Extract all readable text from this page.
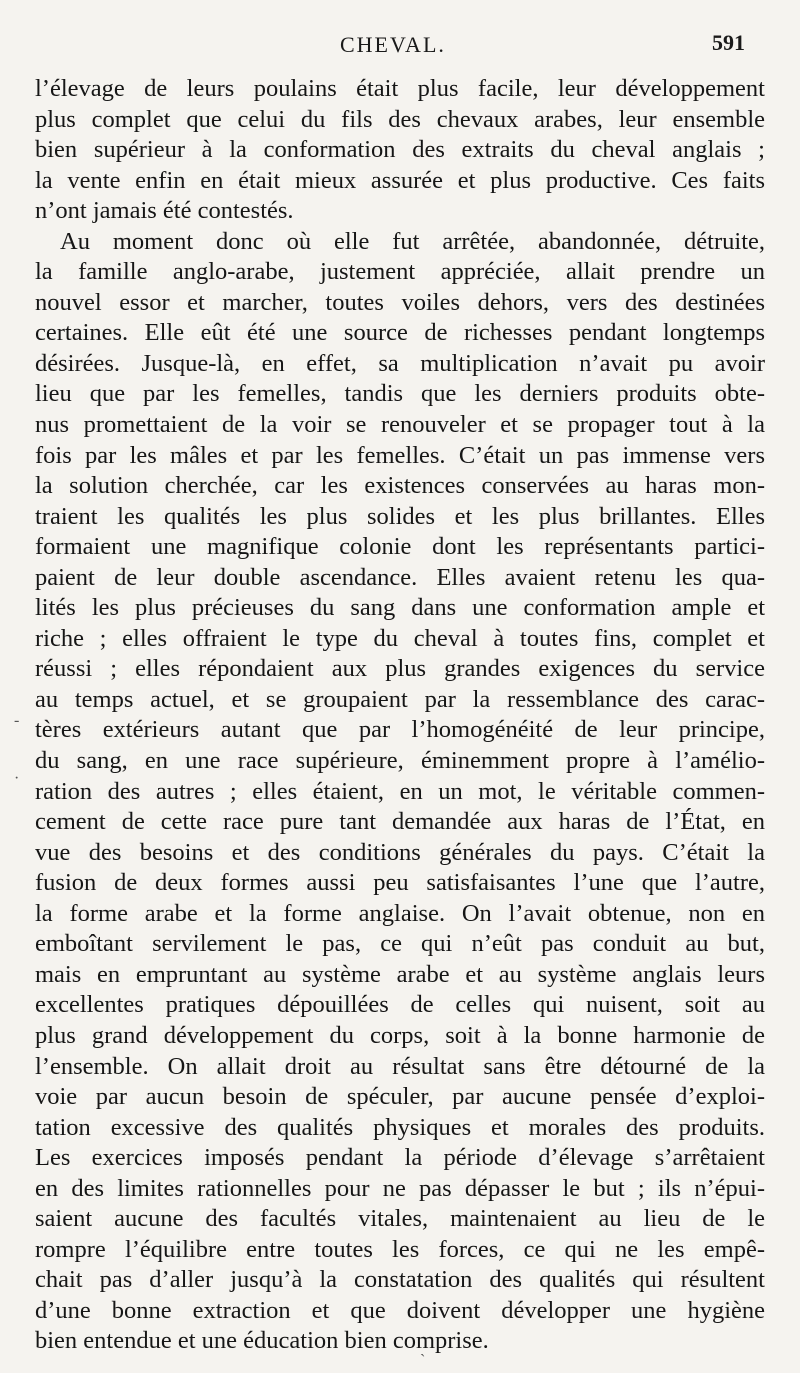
CHEVAL.	591
l’élevage de leurs poulains était plus facile, leur développement
plus complet que celui du fils des chevaux arabes, leur ensemble
bien supérieur à la conformation des extraits du cheval anglais ;
la vente enfin en était mieux assurée et plus productive. Ces faits
n’ont jamais été contestés.
Au moment donc où elle fut arrêtée, abandonnée, détruite,
la famille anglo-arabe, justement appréciée, allait prendre un
nouvel essor et marcher, toutes voiles dehors, vers des destinées
certaines. Elle eût été une source de richesses pendant longtemps
désirées. Jusque-là, en effet, sa multiplication n’avait pu avoir
lieu que par les femelles, tandis que les derniers produits obte-
nus promettaient de la voir se renouveler et se propager tout à la
fois par les mâles et par les femelles. C’était un pas immense vers
la solution cherchée, car les existences conservées au haras mon-
traient les qualités les plus solides et les plus brillantes. Elles
formaient une magnifique colonie dont les représentants partici-
paient de leur double ascendance. Elles avaient retenu les qua-
lités les plus précieuses du sang dans une conformation ample et
riche ; elles offraient le type du cheval à toutes fins, complet et
réussi ; elles répondaient aux plus grandes exigences du service
au temps actuel, et se groupaient par la ressemblance des carac-
tères extérieurs autant que par l’homogénéité de leur principe,
du sang, en une race supérieure, éminemment propre à l’amélio-
ration des autres ; elles étaient, en un mot, le véritable commen-
cement de cette race pure tant demandée aux haras de l’État, en
vue des besoins et des conditions générales du pays. C’était la
fusion de deux formes aussi peu satisfaisantes l’une que l’autre,
la forme arabe et la forme anglaise. On l’avait obtenue, non en
emboîtant servilement le pas, ce qui n’eût pas conduit au but,
mais en empruntant au système arabe et au système anglais leurs
excellentes pratiques dépouillées de celles qui nuisent, soit au
plus grand développement du corps, soit à la bonne harmonie de
l’ensemble. On allait droit au résultat sans être détourné de la
voie par aucun besoin de spéculer, par aucune pensée d’exploi-
tation excessive des qualités physiques et morales des produits.
Les exercices imposés pendant la période d’élevage s’arrêtaient
en des limites rationnelles pour ne pas dépasser le but ; ils n’épui-
saient aucune des facultés vitales, maintenaient au lieu de le
rompre l’équilibre entre toutes les forces, ce qui ne les empê-
chait pas d’aller jusqu’à la constatation des qualités qui résultent
d’une bonne extraction et que doivent développer une hygiène
bien entendue et une éducation bien comprise.
-
·
ˋ
